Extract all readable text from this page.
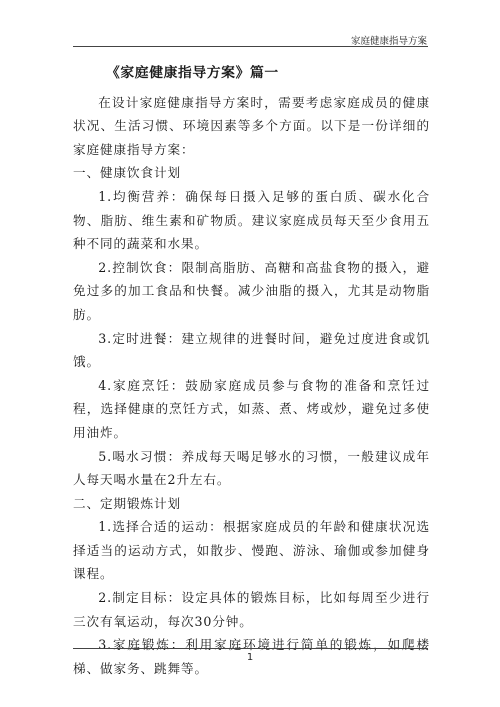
家庭健康指导方案

《家庭健康指导方案》篇一

在设计家庭健康指导方案时，需要考虑家庭成员的健康状况、生活习惯、环境因素等多个方面。以下是一份详细的家庭健康指导方案：

一、健康饮食计划

1.均衡营养：确保每日摄入足够的蛋白质、碳水化合物、脂肪、维生素和矿物质。建议家庭成员每天至少食用五种不同的蔬菜和水果。

2.控制饮食：限制高脂肪、高糖和高盐食物的摄入，避免过多的加工食品和快餐。减少油脂的摄入，尤其是动物脂肪。

3.定时进餐：建立规律的进餐时间，避免过度进食或饥饿。

4.家庭烹饪：鼓励家庭成员参与食物的准备和烹饪过程，选择健康的烹饪方式，如蒸、煮、烤或炒，避免过多使用油炸。

5.喝水习惯：养成每天喝足够水的习惯，一般建议成年人每天喝水量在2升左右。

二、定期锻炼计划

1.选择合适的运动：根据家庭成员的年龄和健康状况选择适当的运动方式，如散步、慢跑、游泳、瑜伽或参加健身课程。

2.制定目标：设定具体的锻炼目标，比如每周至少进行三次有氧运动，每次30分钟。

3.家庭锻炼：利用家庭环境进行简单的锻炼，如爬楼梯、做家务、跳舞等。

1
